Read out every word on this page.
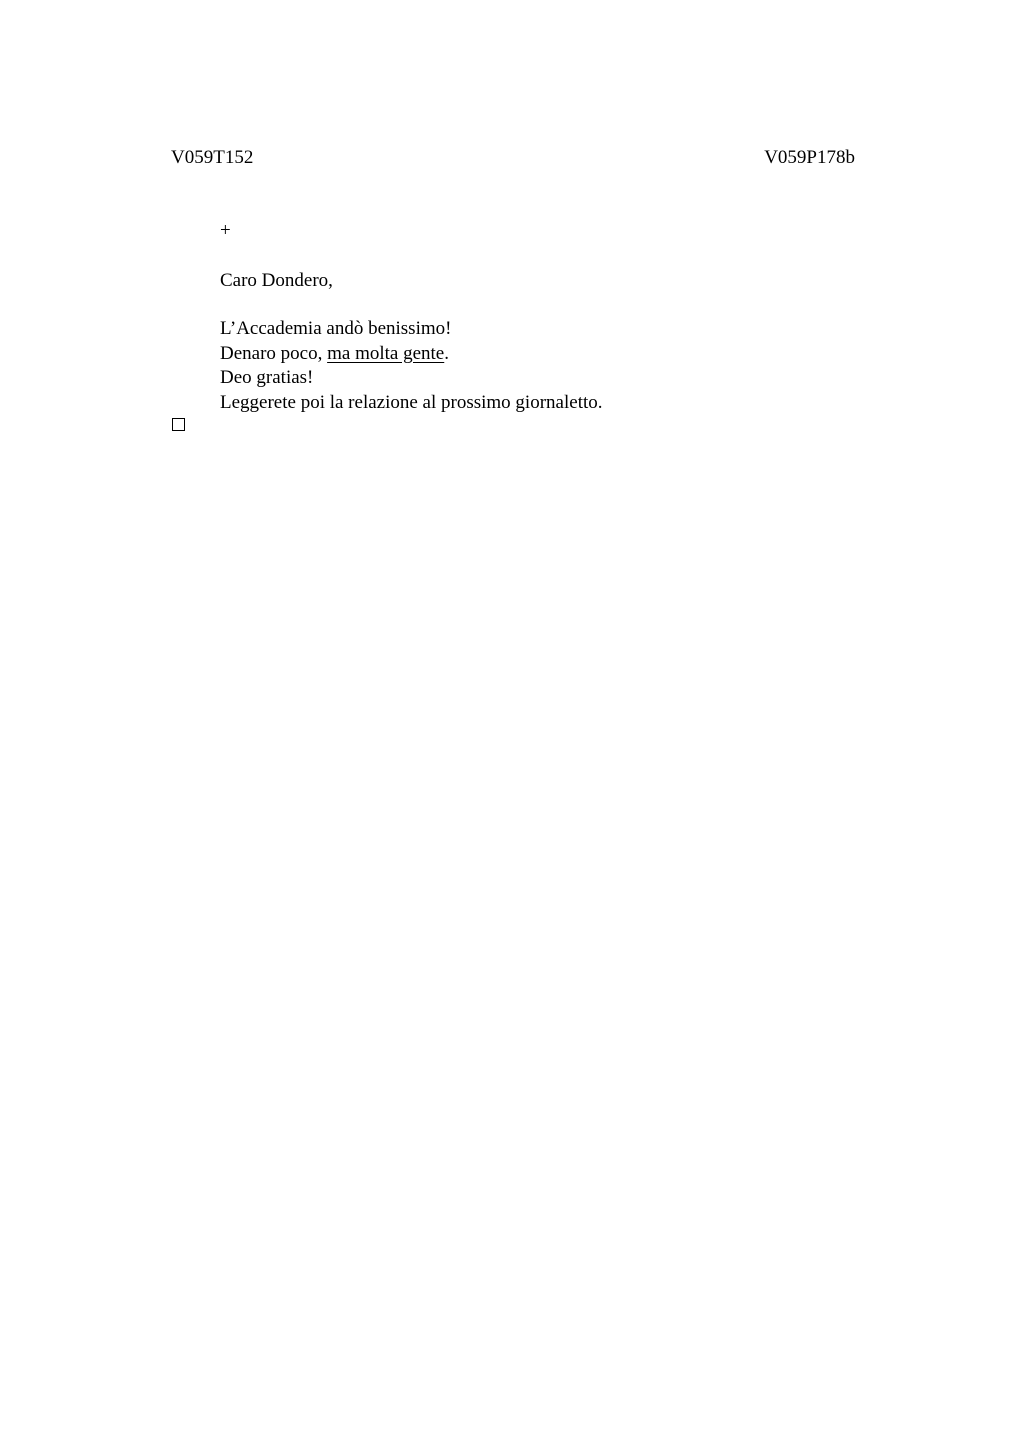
V059T152	V059P178b
+
Caro Dondero,
L’Accademia andò benissimo!
Denaro poco, ma molta gente.
Deo gratias!
Leggerete poi la relazione al prossimo giornaletto.
